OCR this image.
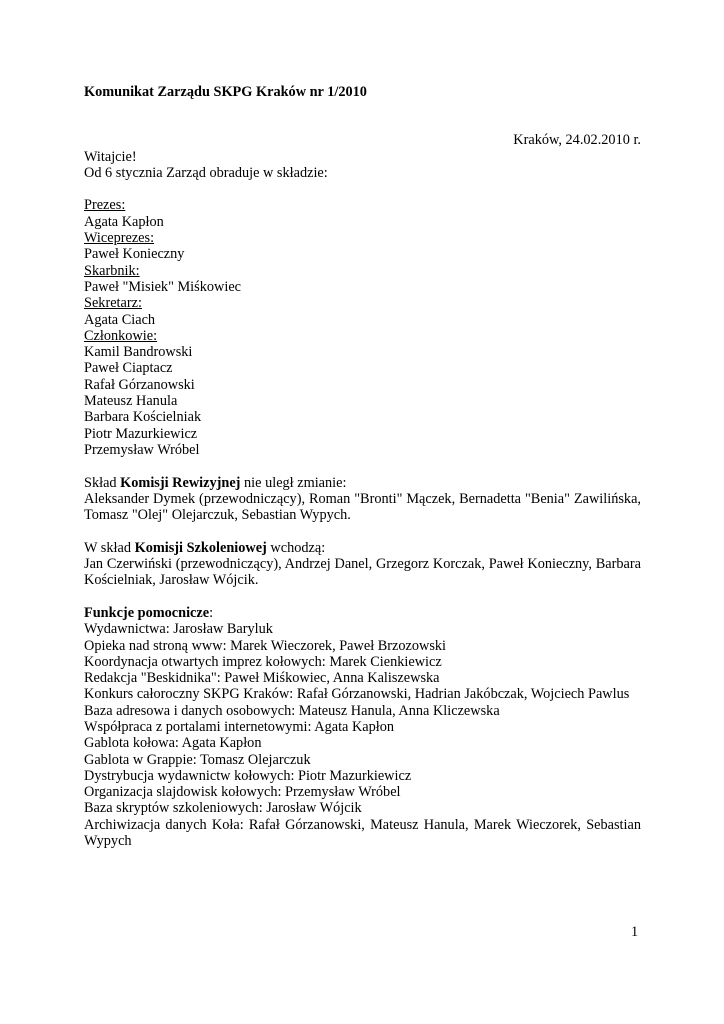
Komunikat Zarządu SKPG Kraków nr 1/2010

Kraków, 24.02.2010 r.
Witajcie!
Od 6 stycznia Zarząd obraduje w składzie:
Prezes:
Agata Kapłon
Wiceprezes:
Paweł Konieczny
Skarbnik:
Paweł "Misiek" Miśkowiec
Sekretarz:
Agata Ciach
Członkowie:
Kamil Bandrowski
Paweł Ciaptacz
Rafał Górzanowski
Mateusz Hanula
Barbara Kościelniak
Piotr Mazurkiewicz
Przemysław Wróbel
Skład Komisji Rewizyjnej nie uległ zmianie:
Aleksander Dymek (przewodniczący), Roman "Bronti" Mączek, Bernadetta "Benia" Zawilińska, Tomasz "Olej" Olejarczuk, Sebastian Wypych.
W skład Komisji Szkoleniowej wchodzą:
Jan Czerwiński (przewodniczący), Andrzej Danel, Grzegorz Korczak, Paweł Konieczny, Barbara Kościelniak, Jarosław Wójcik.
Funkcje pomocnicze:
Wydawnictwa: Jarosław Baryluk
Opieka nad stroną www: Marek Wieczorek, Paweł Brzozowski
Koordynacja otwartych imprez kołowych: Marek Cienkiewicz
Redakcja "Beskidnika": Paweł Miśkowiec, Anna Kaliszewska
Konkurs całoroczny SKPG Kraków: Rafał Górzanowski, Hadrian Jakóbczak, Wojciech Pawlus
Baza adresowa i danych osobowych: Mateusz Hanula, Anna Kliczewska
Współpraca z portalami internetowymi: Agata Kapłon
Gablota kołowa: Agata Kapłon
Gablota w Grappie: Tomasz Olejarczuk
Dystrybucja wydawnictw kołowych: Piotr Mazurkiewicz
Organizacja slajdowisk kołowych: Przemysław Wróbel
Baza skryptów szkoleniowych: Jarosław Wójcik
Archiwizacja danych Koła: Rafał Górzanowski, Mateusz Hanula, Marek Wieczorek, Sebastian Wypych
1
